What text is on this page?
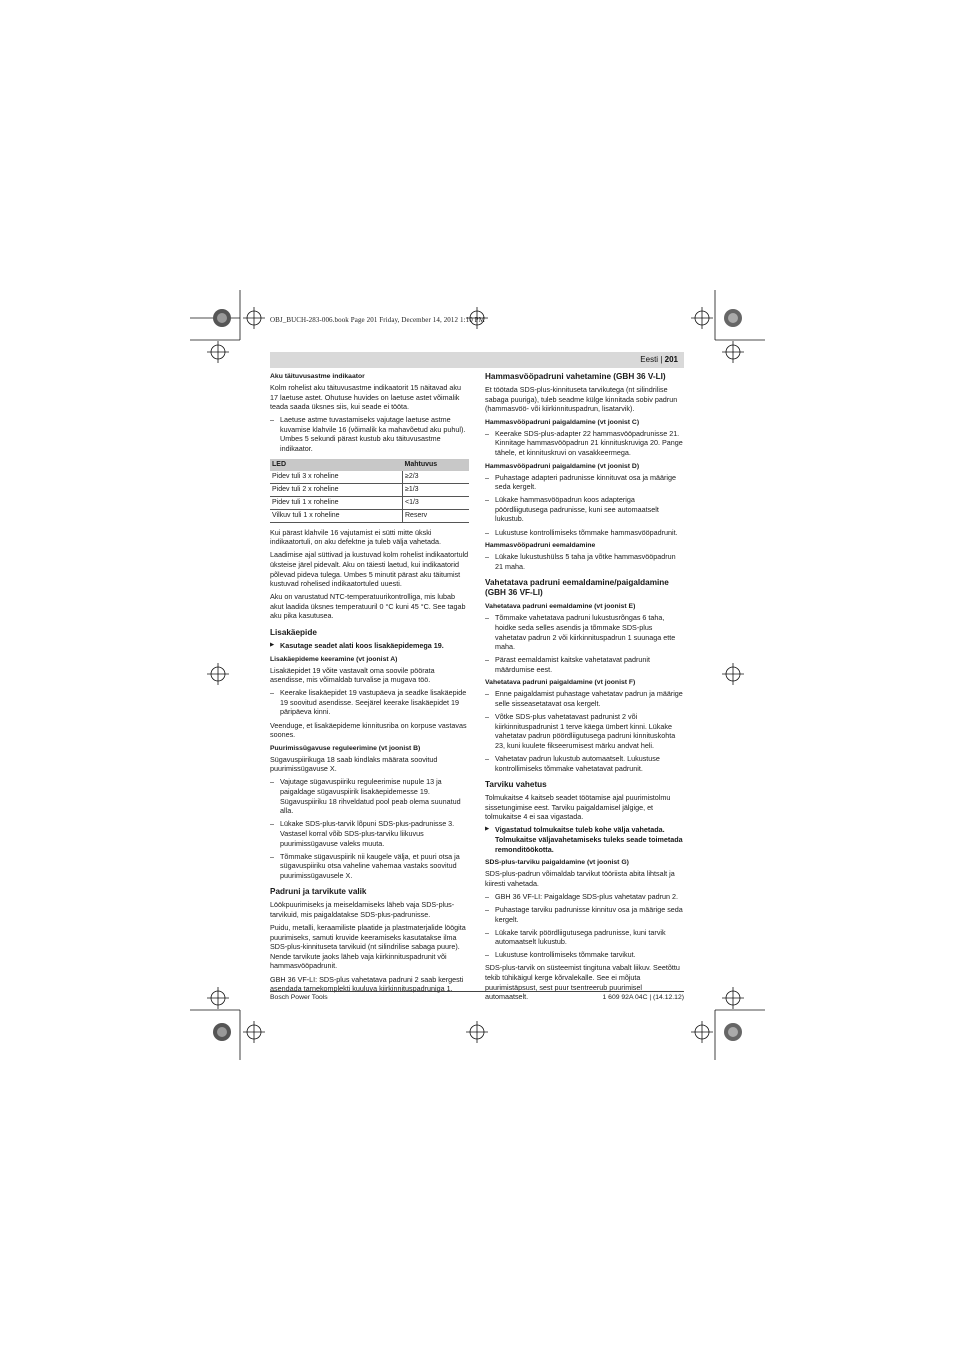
OBJ_BUCH-283-006.book Page 201 Friday, December 14, 2012 1:10 PM
Eesti | 201
Aku täituvusastme indikaator

Kolm rohelist aku täituvusastme indikaatorit 15 näitavad aku 17 laetuse astet. Ohutuse huvides on laetuse astet võimalik teada saada üksnes siis, kui seade ei tööta.

– Laetuse astme tuvastamiseks vajutage laetuse astme kuvamise klahvile 16 (võimalik ka mahavõetud aku puhul). Umbes 5 sekundi pärast kustub aku täituvusastme indikaator.

LED	Mahtuvus
Pidev tuli 3 x roheline	≥2/3
Pidev tuli 2 x roheline	≥1/3
Pidev tuli 1 x roheline	<1/3
Vilkuv tuli 1 x roheline	Reserv

Kui pärast klahvile 16 vajutamist ei sütti mitte ükski indikaatortuli, on aku defektne ja tuleb välja vahetada.

Laadimise ajal süttivad ja kustuvad kolm rohelist indikaatortuld üksteise järel pidevalt. Aku on täiesti laetud, kui indikaatorid põlevad pideva tulega. Umbes 5 minutit pärast aku täitumist kustuvad rohelised indikaatortuled uuesti.

Aku on varustatud NTC-temperatuurikontrolliga, mis lubab akut laadida üksnes temperatuuril 0 °C kuni 45 °C. See tagab aku pika kasutusea.

Lisakäepide

▶ Kasutage seadet alati koos lisakäepidemega 19.

Lisakäepideme keeramine (vt joonist A)

Lisakäepidet 19 võite vastavalt oma soovile pöörata asendisse, mis võimaldab turvalise ja mugava töö.

– Keerake lisakäepidet 19 vastupäeva ja seadke lisakäepide 19 soovitud asendisse. Seejärel keerake lisakäepidet 19 päripäeva kinni.

Veenduge, et lisakäepideme kinnitusriba on korpuse vastavas soones.

Puurimissügavuse reguleerimine (vt joonist B)

Sügavuspiirikuga 18 saab kindlaks määrata soovitud puurimissügavuse X.

– Vajutage sügavuspiiriku reguleerimise nupule 13 ja paigaldage sügavuspiirik lisakäepidemesse 19. Sügavuspiiriku 18 rihveldatud pool peab olema suunatud alla.

– Lükake SDS-plus-tarvik lõpuni SDS-plus-padrunisse 3. Vastasel korral võib SDS-plus-tarviku liikuvus puurimissügavuse valeks muuta.

– Tõmmake sügavuspiirik nii kaugele välja, et puuri otsa ja sügavuspiiriku otsa vaheline vahemaa vastaks soovitud puurimissügavusele X.

Padruni ja tarvikute valik

Löökpuurimiseks ja meiseldamiseks läheb vaja SDS-plus-tarvikuid, mis paigaldatakse SDS-plus-padrunisse.

Puidu, metalli, keraamiliste plaatide ja plastmaterjalide löögita puurimiseks, samuti kruvide keeramiseks kasutatakse ilma SDS-plus-kinnituseta tarvikuid (nt silindrilise sabaga puure). Nende tarvikute jaoks läheb vaja kiirkinnituspadrunit või hammasvööpadrunit.

GBH 36 VF-LI: SDS-plus vahetatava padruni 2 saab kergesti asendada tarnekomplekti kuuluva kiirkinnituspadruniga 1.

Hammasvööpadruni vahetamine (GBH 36 V-LI)

Et töötada SDS-plus-kinnituseta tarvikutega (nt silindrilise sabaga puuriga), tuleb seadme külge kinnitada sobiv padrun (hammasvöö- või kiirkinnituspadrun, lisatarvik).

Hammasvööpadruni paigaldamine (vt joonist C)

– Keerake SDS-plus-adapter 22 hammasvööpadrunisse 21. Kinnitage hammasvööpadrun 21 kinnituskruviga 20. Pange tähele, et kinnituskruvi on vasakkeermega.

Hammasvööpadruni paigaldamine (vt joonist D)

– Puhastage adapteri padrunisse kinnituvat osa ja määrige seda kergelt.

– Lükake hammasvööpadrun koos adapteriga pöördliigutusega padrunisse, kuni see automaatselt lukustub.

– Lukustuse kontrollimiseks tõmmake hammasvööpadrunit.

Hammasvööpadruni eemaldamine

– Lükake lukustushülss 5 taha ja võtke hammasvööpadrun 21 maha.

Vahetatava padruni eemaldamine/paigaldamine (GBH 36 VF-LI)
Vahetatava padruni eemaldamine (vt joonist E)

– Tõmmake vahetatava padruni lukustusrõngas 6 taha, hoidke seda selles asendis ja tõmmake SDS-plus vahetatav padrun 2 või kiirkinnituspadrun 1 suunaga ette maha.

– Pärast eemaldamist kaitske vahetatavat padrunit määrdumise eest.

Vahetatava padruni paigaldamine (vt joonist F)

– Enne paigaldamist puhastage vahetatav padrun ja määrige selle sisseasetatavat osa kergelt.

– Võtke SDS-plus vahetatavast padrunist 2 või kiirkinnituspadrunist 1 terve käega ümbert kinni. Lükake vahetatav padrun pöördliigutusega padruni kinnituskohta 23, kuni kuulete fikseerumisest märku andvat heli.

– Vahetatav padrun lukustub automaatselt. Lukustuse kontrollimiseks tõmmake vahetatavat padrunit.

Tarviku vahetus

Tolmukaitse 4 kaitseb seadet töötamise ajal puurimistolmu sissetungimise eest. Tarviku paigaldamisel jälgige, et tolmukaitse 4 ei saa vigastada.

▶ Vigastatud tolmukaitse tuleb kohe välja vahetada. Tolmukaitse väljavahetamiseks tuleks seade toimetada remonditöökotta.

SDS-plus-tarviku paigaldamine (vt joonist G)

SDS-plus-padrun võimaldab tarvikut tööriista abita lihtsalt ja kiiresti vahetada.

– GBH 36 VF-LI: Paigaldage SDS-plus vahetatav padrun 2.

– Puhastage tarviku padrunisse kinnituv osa ja määrige seda kergelt.

– Lükake tarvik pöördliigutusega padrunisse, kuni tarvik automaatselt lukustub.

– Lukustuse kontrollimiseks tõmmake tarvikut.

SDS-plus-tarvik on süsteemist tingituna vabalt liikuv. Seetõttu tekib tühikäigul kerge kõrvalekalle. See ei mõjuta puurimistäpsust, sest puur tsentreerub puurimisel automaatselt.

Bosch Power Tools	1 609 92A 04C | (14.12.12)
